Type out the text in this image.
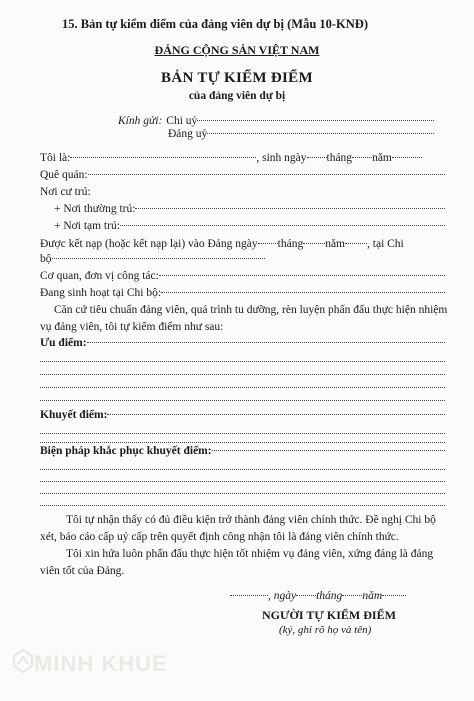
15. Bản tự kiểm điểm của đảng viên dự bị (Mẫu 10-KNĐ)
ĐẢNG CỘNG SẢN VIỆT NAM
BẢN TỰ KIỂM ĐIỂM
của đảng viên dự bị
Kính gửi: Chi uỷ
Đảng uỷ
Tôi là:	, sinh ngày tháng năm
Quê quán:
Nơi cư trú:
+ Nơi thường trú:
+ Nơi tạm trú:
Được kết nạp (hoặc kết nạp lại) vào Đảng ngày tháng năm , tại Chi
bộ
Cơ quan, đơn vị công tác:
Đang sinh hoạt tại Chi bộ:
Căn cứ tiêu chuẩn đảng viên, quá trình tu dưỡng, rèn luyện phấn đấu thực hiện nhiệm vụ đảng viên, tôi tự kiểm điểm như sau:
Ưu điểm:
Khuyết điểm:
Biện pháp khắc phục khuyết điểm:
Tôi tự nhận thấy có đủ điều kiện trở thành đảng viên chính thức. Đề nghị Chi bộ xét, báo cáo cấp uỷ cấp trên quyết định công nhận tôi là đảng viên chính thức.
Tôi xin hứa luôn phấn đấu thực hiện tốt nhiệm vụ đảng viên, xứng đáng là đảng viên tốt của Đảng.
, ngày tháng năm
NGƯỜI TỰ KIỂM ĐIỂM
(ký, ghi rõ họ và tên)
MINH KHUE
